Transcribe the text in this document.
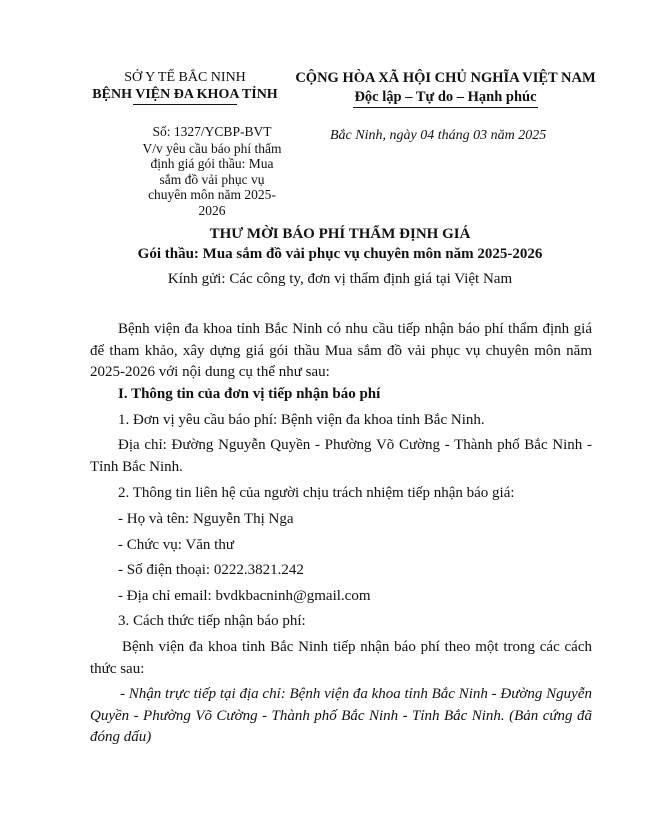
SỞ Y TẾ BẮC NINH
BỆNH VIỆN ĐA KHOA TỈNH
Số: 1327/YCBP-BVT
V/v yêu cầu báo phí thẩm định giá gói thầu: Mua sắm đồ vải phục vụ chuyên môn năm 2025-2026
CỘNG HÒA XÃ HỘI CHỦ NGHĨA VIỆT NAM
Độc lập – Tự do – Hạnh phúc
Bắc Ninh, ngày 04 tháng 03 năm 2025
THƯ MỜI BÁO PHÍ THẨM ĐỊNH GIÁ
Gói thầu: Mua sắm đồ vải phục vụ chuyên môn năm 2025-2026
Kính gửi: Các công ty, đơn vị thẩm định giá tại Việt Nam
Bệnh viện đa khoa tỉnh Bắc Ninh có nhu cầu tiếp nhận báo phí thẩm định giá để tham khảo, xây dựng giá gói thầu Mua sắm đồ vải phục vụ chuyên môn năm 2025-2026 với nội dung cụ thể như sau:
I. Thông tin của đơn vị tiếp nhận báo phí
1. Đơn vị yêu cầu báo phí: Bệnh viện đa khoa tỉnh Bắc Ninh.
Địa chỉ: Đường Nguyễn Quyền - Phường Võ Cường - Thành phố Bắc Ninh - Tỉnh Bắc Ninh.
2. Thông tin liên hệ của người chịu trách nhiệm tiếp nhận báo giá:
- Họ và tên: Nguyễn Thị Nga
- Chức vụ: Văn thư
- Số điện thoại: 0222.3821.242
- Địa chỉ email: bvdkbacninh@gmail.com
3. Cách thức tiếp nhận báo phí:
Bệnh viện đa khoa tỉnh Bắc Ninh tiếp nhận báo phí theo một trong các cách thức sau:
- Nhận trực tiếp tại địa chỉ: Bệnh viện đa khoa tỉnh Bắc Ninh - Đường Nguyễn Quyền - Phường Võ Cường - Thành phố Bắc Ninh - Tỉnh Bắc Ninh. (Bản cứng đã đóng dấu)
